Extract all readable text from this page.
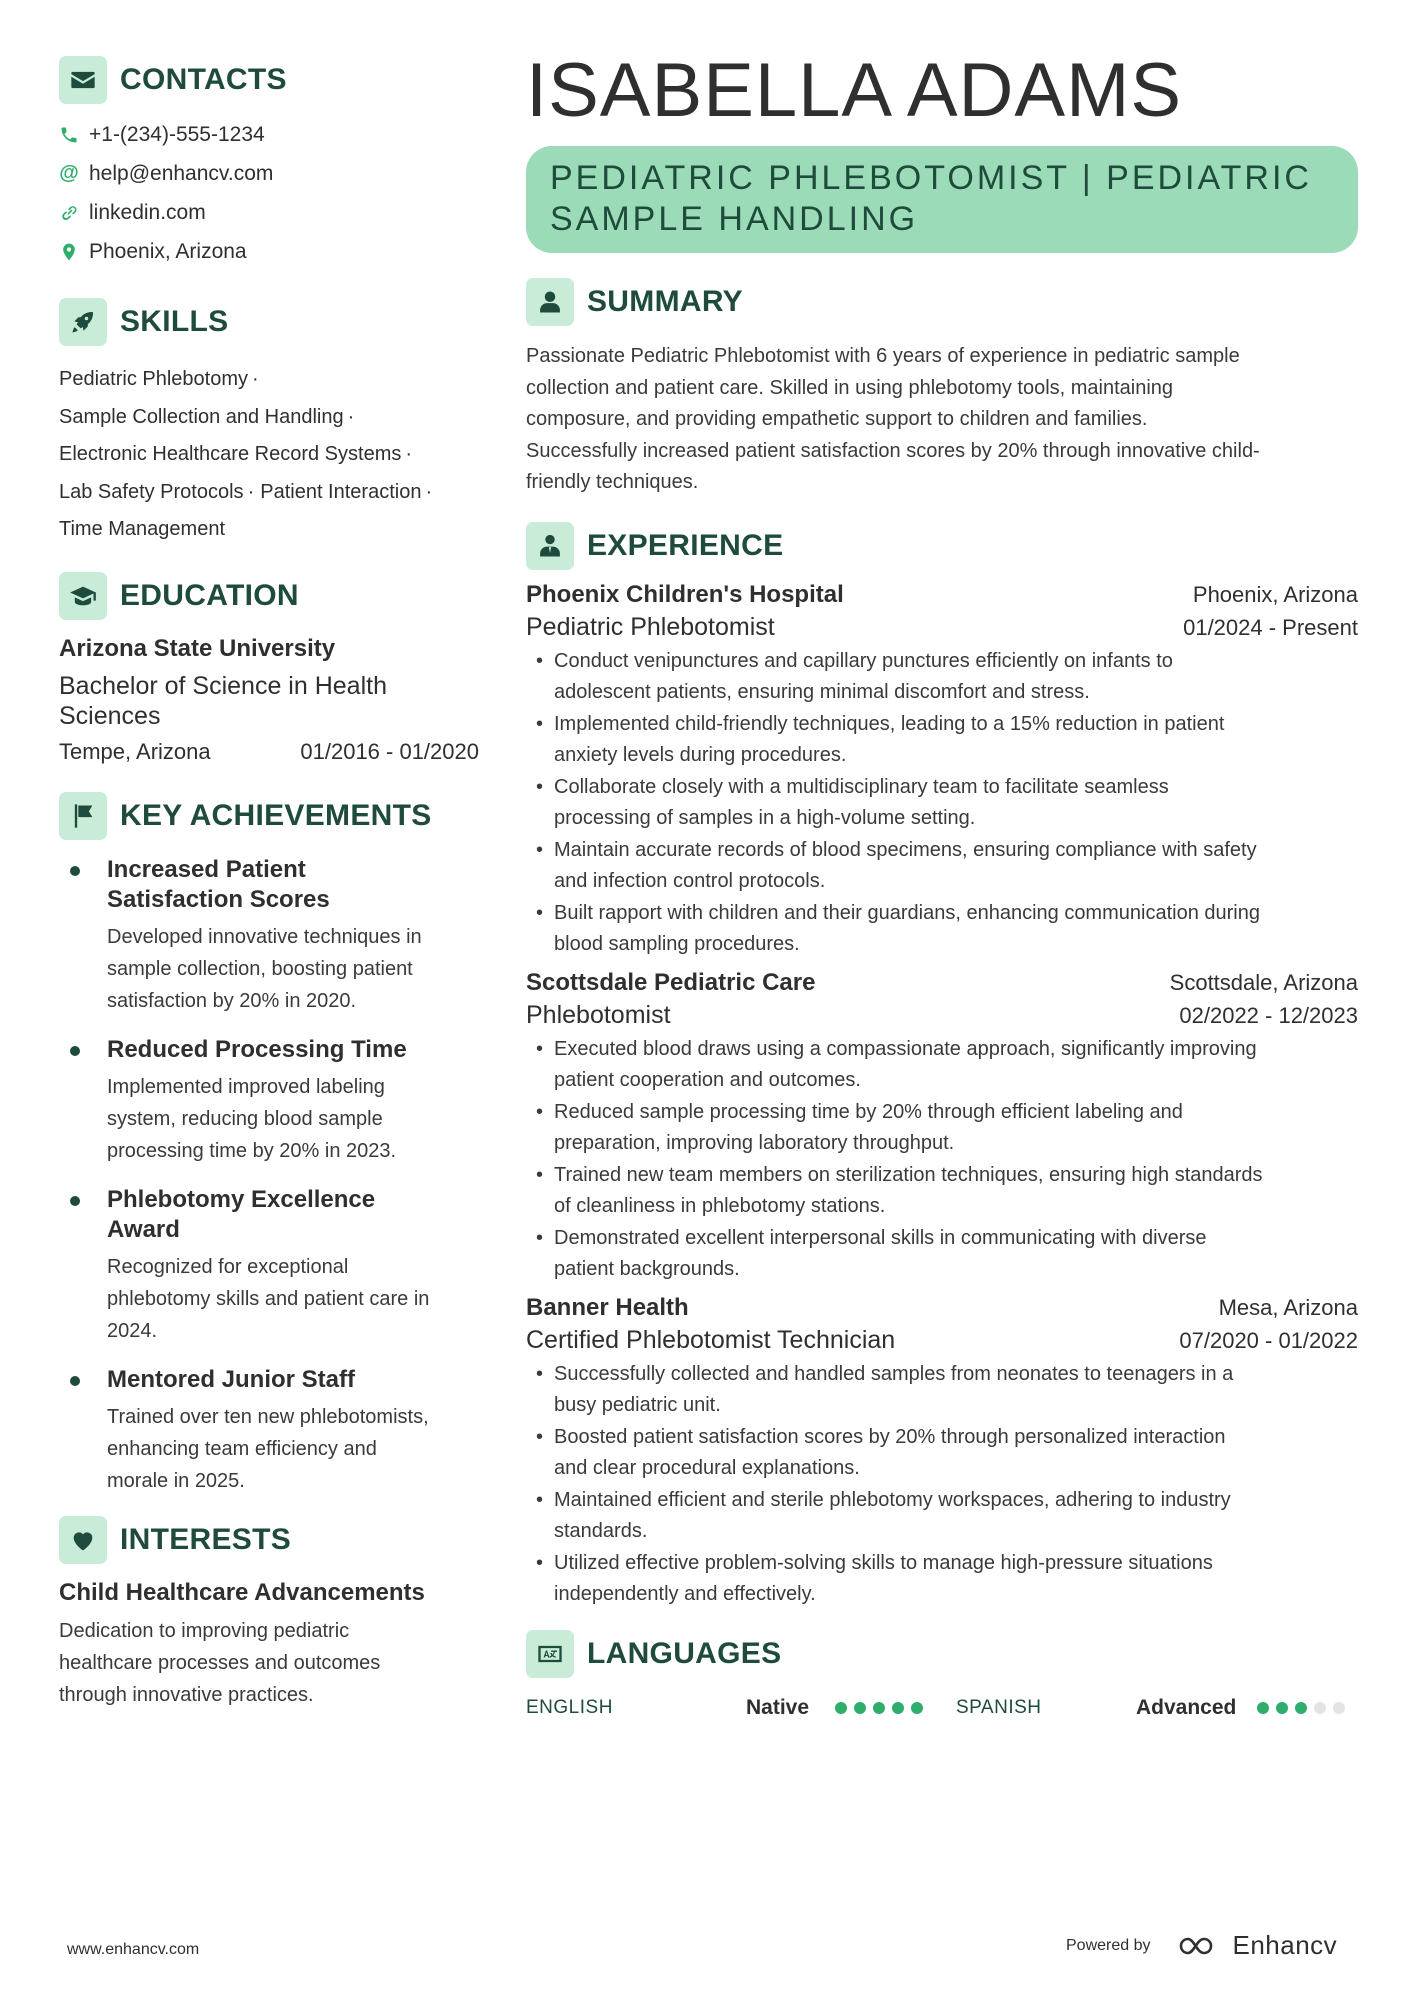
CONTACTS
+1-(234)-555-1234
@ help@enhancv.com
linkedin.com
Phoenix, Arizona
SKILLS
Pediatric Phlebotomy ·
Sample Collection and Handling ·
Electronic Healthcare Record Systems ·
Lab Safety Protocols · Patient Interaction ·
Time Management
EDUCATION
Arizona State University
Bachelor of Science in Health
Sciences
Tempe, Arizona	01/2016 - 01/2020
KEY ACHIEVEMENTS
Increased Patient
Satisfaction Scores
Developed innovative techniques in
sample collection, boosting patient
satisfaction by 20% in 2020.
Reduced Processing Time
Implemented improved labeling
system, reducing blood sample
processing time by 20% in 2023.
Phlebotomy Excellence
Award
Recognized for exceptional
phlebotomy skills and patient care in
2024.
Mentored Junior Staff
Trained over ten new phlebotomists,
enhancing team efficiency and
morale in 2025.
INTERESTS
Child Healthcare Advancements
Dedication to improving pediatric
healthcare processes and outcomes
through innovative practices.
ISABELLA ADAMS
PEDIATRIC PHLEBOTOMIST | PEDIATRIC
SAMPLE HANDLING
SUMMARY
Passionate Pediatric Phlebotomist with 6 years of experience in pediatric sample
collection and patient care. Skilled in using phlebotomy tools, maintaining
composure, and providing empathetic support to children and families.
Successfully increased patient satisfaction scores by 20% through innovative child-
friendly techniques.
EXPERIENCE
Phoenix Children's Hospital	Phoenix, Arizona
Pediatric Phlebotomist	01/2024 - Present
• Conduct venipunctures and capillary punctures efficiently on infants to
adolescent patients, ensuring minimal discomfort and stress.
• Implemented child-friendly techniques, leading to a 15% reduction in patient
anxiety levels during procedures.
• Collaborate closely with a multidisciplinary team to facilitate seamless
processing of samples in a high-volume setting.
• Maintain accurate records of blood specimens, ensuring compliance with safety
and infection control protocols.
• Built rapport with children and their guardians, enhancing communication during
blood sampling procedures.
Scottsdale Pediatric Care	Scottsdale, Arizona
Phlebotomist	02/2022 - 12/2023
• Executed blood draws using a compassionate approach, significantly improving
patient cooperation and outcomes.
• Reduced sample processing time by 20% through efficient labeling and
preparation, improving laboratory throughput.
• Trained new team members on sterilization techniques, ensuring high standards
of cleanliness in phlebotomy stations.
• Demonstrated excellent interpersonal skills in communicating with diverse
patient backgrounds.
Banner Health	Mesa, Arizona
Certified Phlebotomist Technician	07/2020 - 01/2022
• Successfully collected and handled samples from neonates to teenagers in a
busy pediatric unit.
• Boosted patient satisfaction scores by 20% through personalized interaction
and clear procedural explanations.
• Maintained efficient and sterile phlebotomy workspaces, adhering to industry
standards.
• Utilized effective problem-solving skills to manage high-pressure situations
independently and effectively.
LANGUAGES
ENGLISH	Native	SPANISH	Advanced
www.enhancv.com	Powered by	Enhancv
